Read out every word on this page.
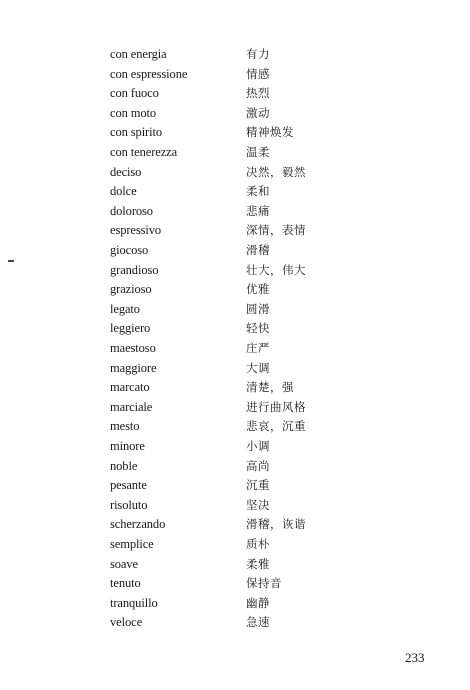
con energia	有力
con espressione	情感
con fuoco	热烈
con moto	激动
con spirito	精神焕发
con tenerezza	温柔
deciso	决然，毅然
dolce	柔和
doloroso	悲痛
espressivo	深情，表情
giocoso	滑稽
grandioso	壮大，伟大
grazioso	优雅
legato	圆滑
leggiero	轻快
maestoso	庄严
maggiore	大调
marcato	清楚，强
marciale	进行曲风格
mesto	悲哀，沉重
minore	小调
noble	高尚
pesante	沉重
risoluto	坚决
scherzando	滑稽，诙谐
semplice	质朴
soave	柔雅
tenuto	保持音
tranquillo	幽静
veloce	急速
233
